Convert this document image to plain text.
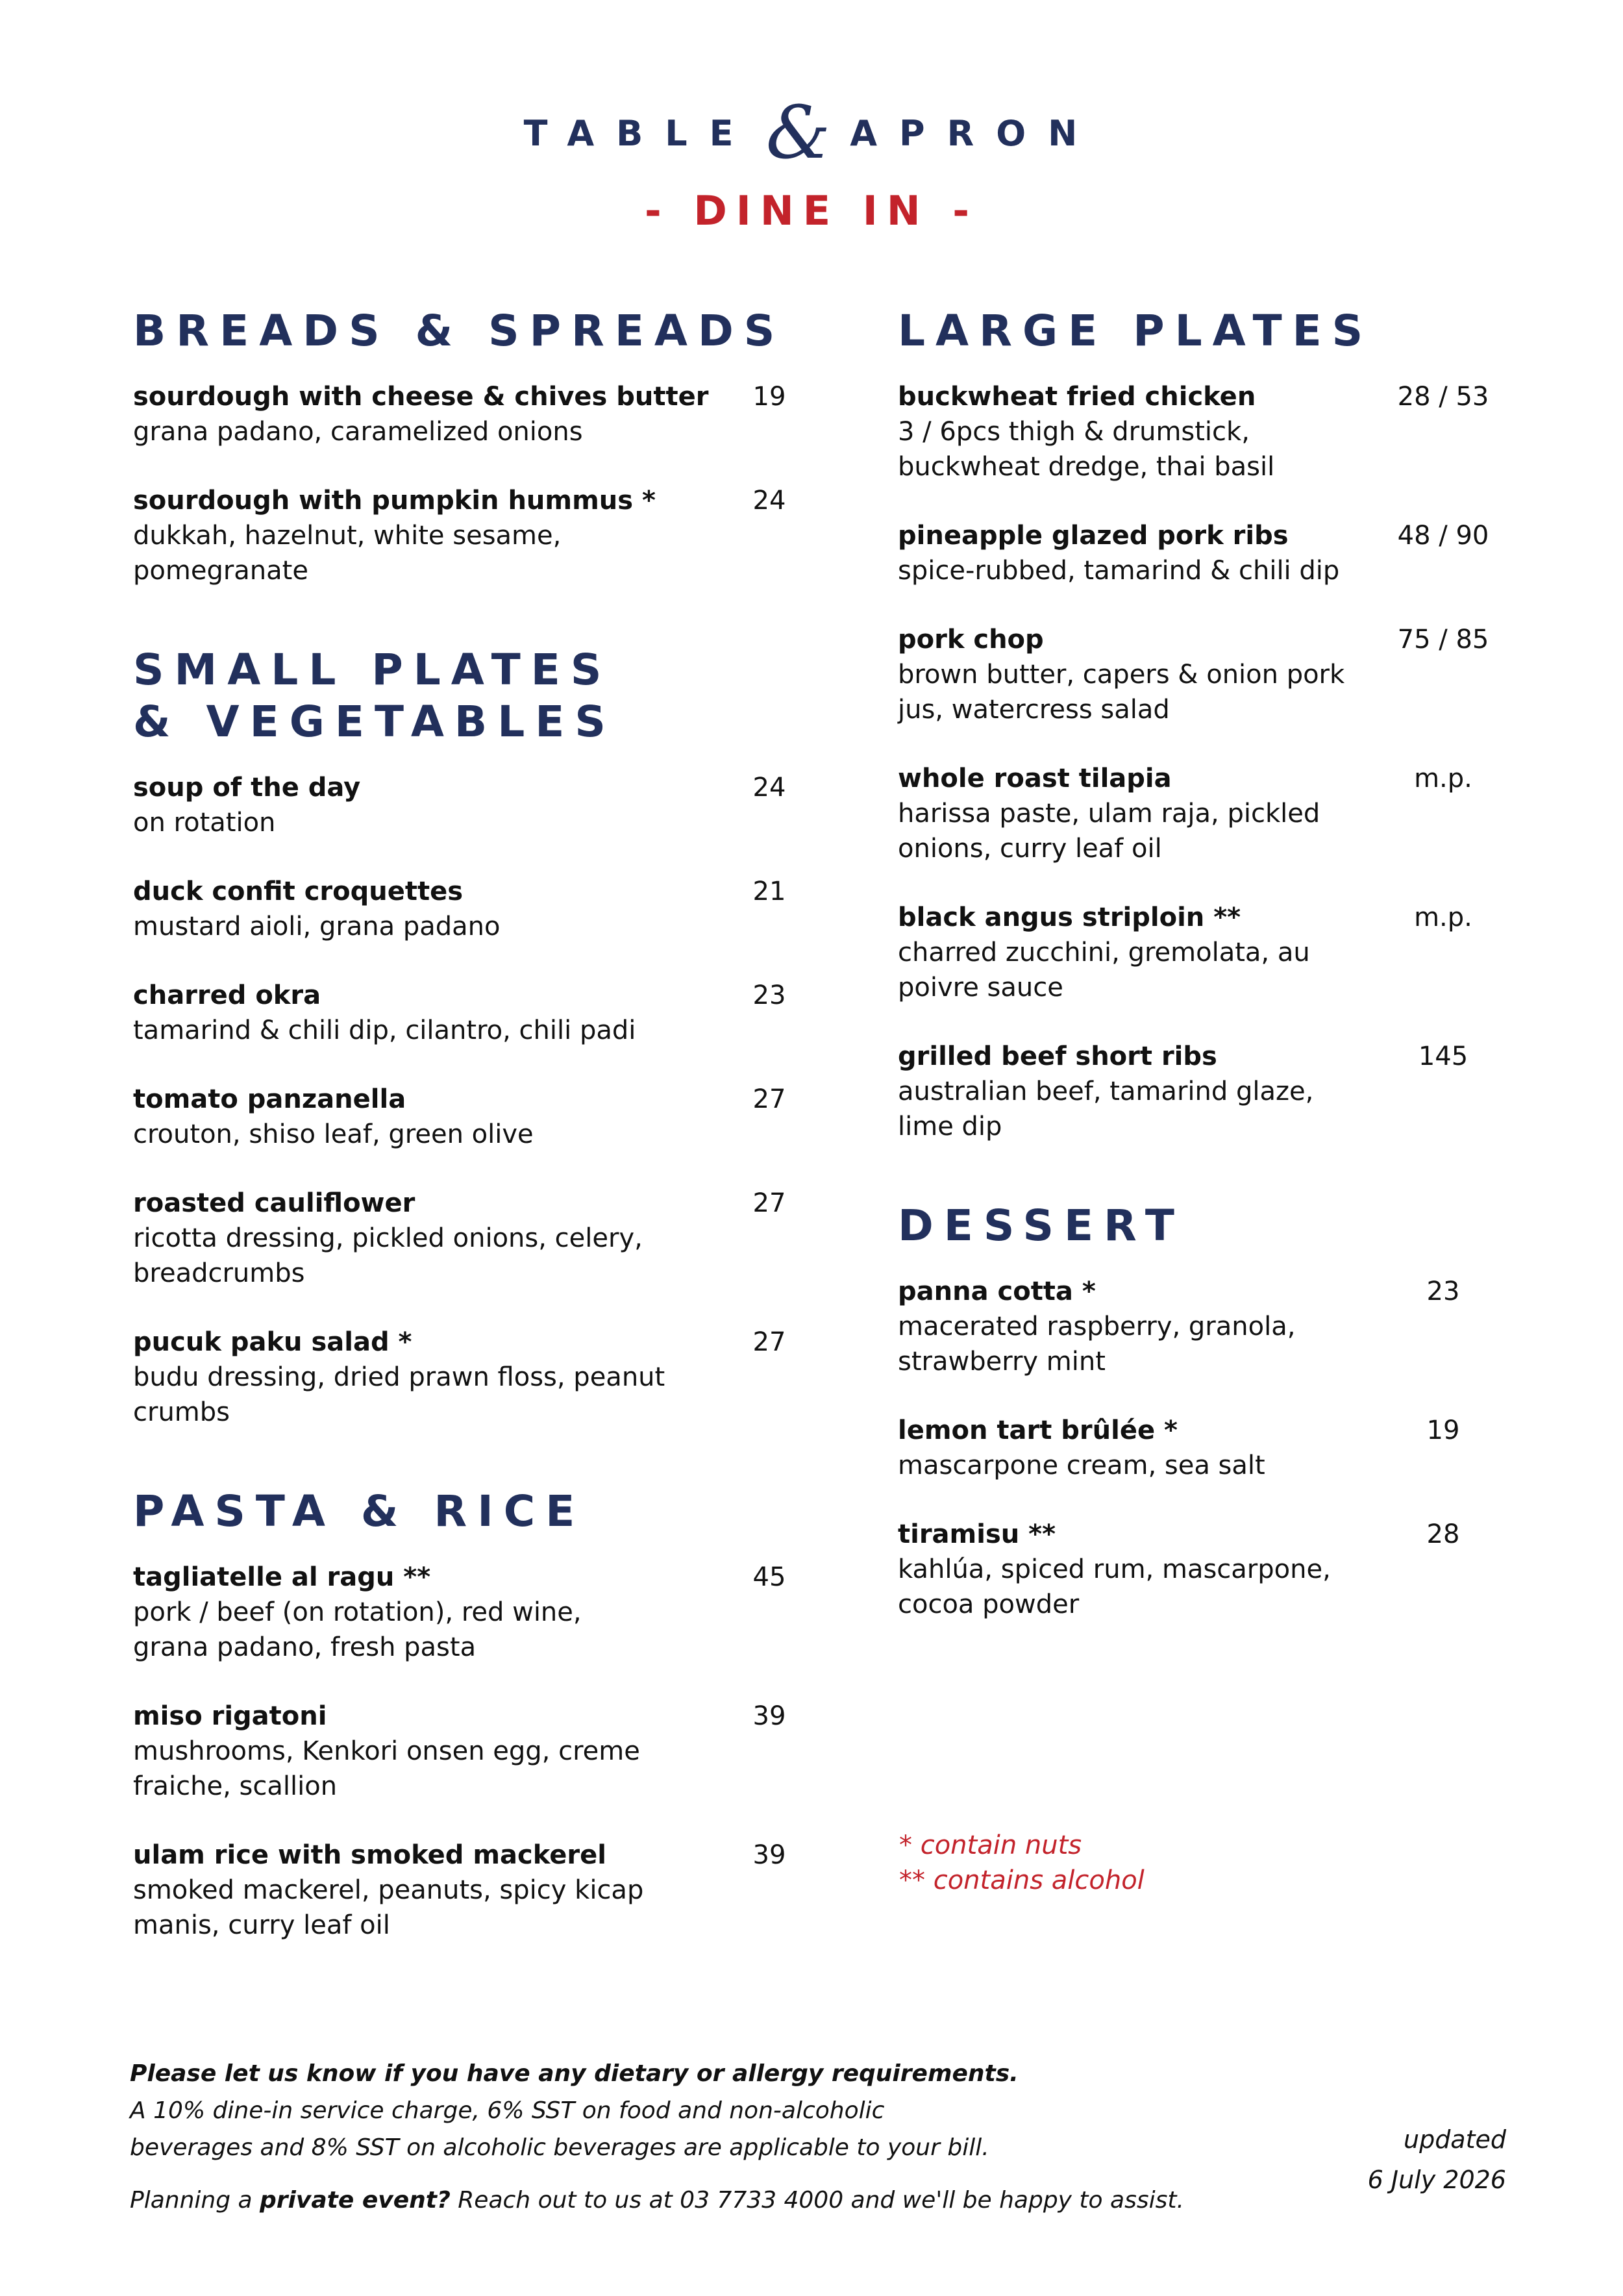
TABLE & APRON
- DINE IN -
BREADS & SPREADS
sourdough with cheese & chives butter
grana padano, caramelized onions
19
sourdough with pumpkin hummus *
dukkah, hazelnut, white sesame,
pomegranate
24
SMALL PLATES
& VEGETABLES
soup of the day
on rotation
24
duck confit croquettes
mustard aioli, grana padano
21
charred okra
tamarind & chili dip, cilantro, chili padi
23
tomato panzanella
crouton, shiso leaf, green olive
27
roasted cauliflower
ricotta dressing, pickled onions, celery,
breadcrumbs
27
pucuk paku salad *
budu dressing, dried prawn floss, peanut
crumbs
27
PASTA & RICE
tagliatelle al ragu **
pork / beef (on rotation), red wine,
grana padano, fresh pasta
45
miso rigatoni
mushrooms, Kenkori onsen egg, creme
fraiche, scallion
39
ulam rice with smoked mackerel
smoked mackerel, peanuts, spicy kicap
manis, curry leaf oil
39
LARGE PLATES
buckwheat fried chicken
3 / 6pcs thigh & drumstick,
buckwheat dredge, thai basil
28 / 53
pineapple glazed pork ribs
spice-rubbed, tamarind & chili dip
48 / 90
pork chop
brown butter, capers & onion pork
jus, watercress salad
75 / 85
whole roast tilapia
harissa paste, ulam raja, pickled
onions, curry leaf oil
m.p.
black angus striploin **
charred zucchini, gremolata, au
poivre sauce
m.p.
grilled beef short ribs
australian beef, tamarind glaze,
lime dip
145
DESSERT
panna cotta *
macerated raspberry, granola,
strawberry mint
23
lemon tart brûlée *
mascarpone cream, sea salt
19
tiramisu **
kahlúa, spiced rum, mascarpone,
cocoa powder
28
* contain nuts
** contains alcohol
Please let us know if you have any dietary or allergy requirements.
A 10% dine-in service charge, 6% SST on food and non-alcoholic
beverages and 8% SST on alcoholic beverages are applicable to your bill.
Planning a private event? Reach out to us at 03 7733 4000 and we'll be happy to assist.
updated
6 July 2026
